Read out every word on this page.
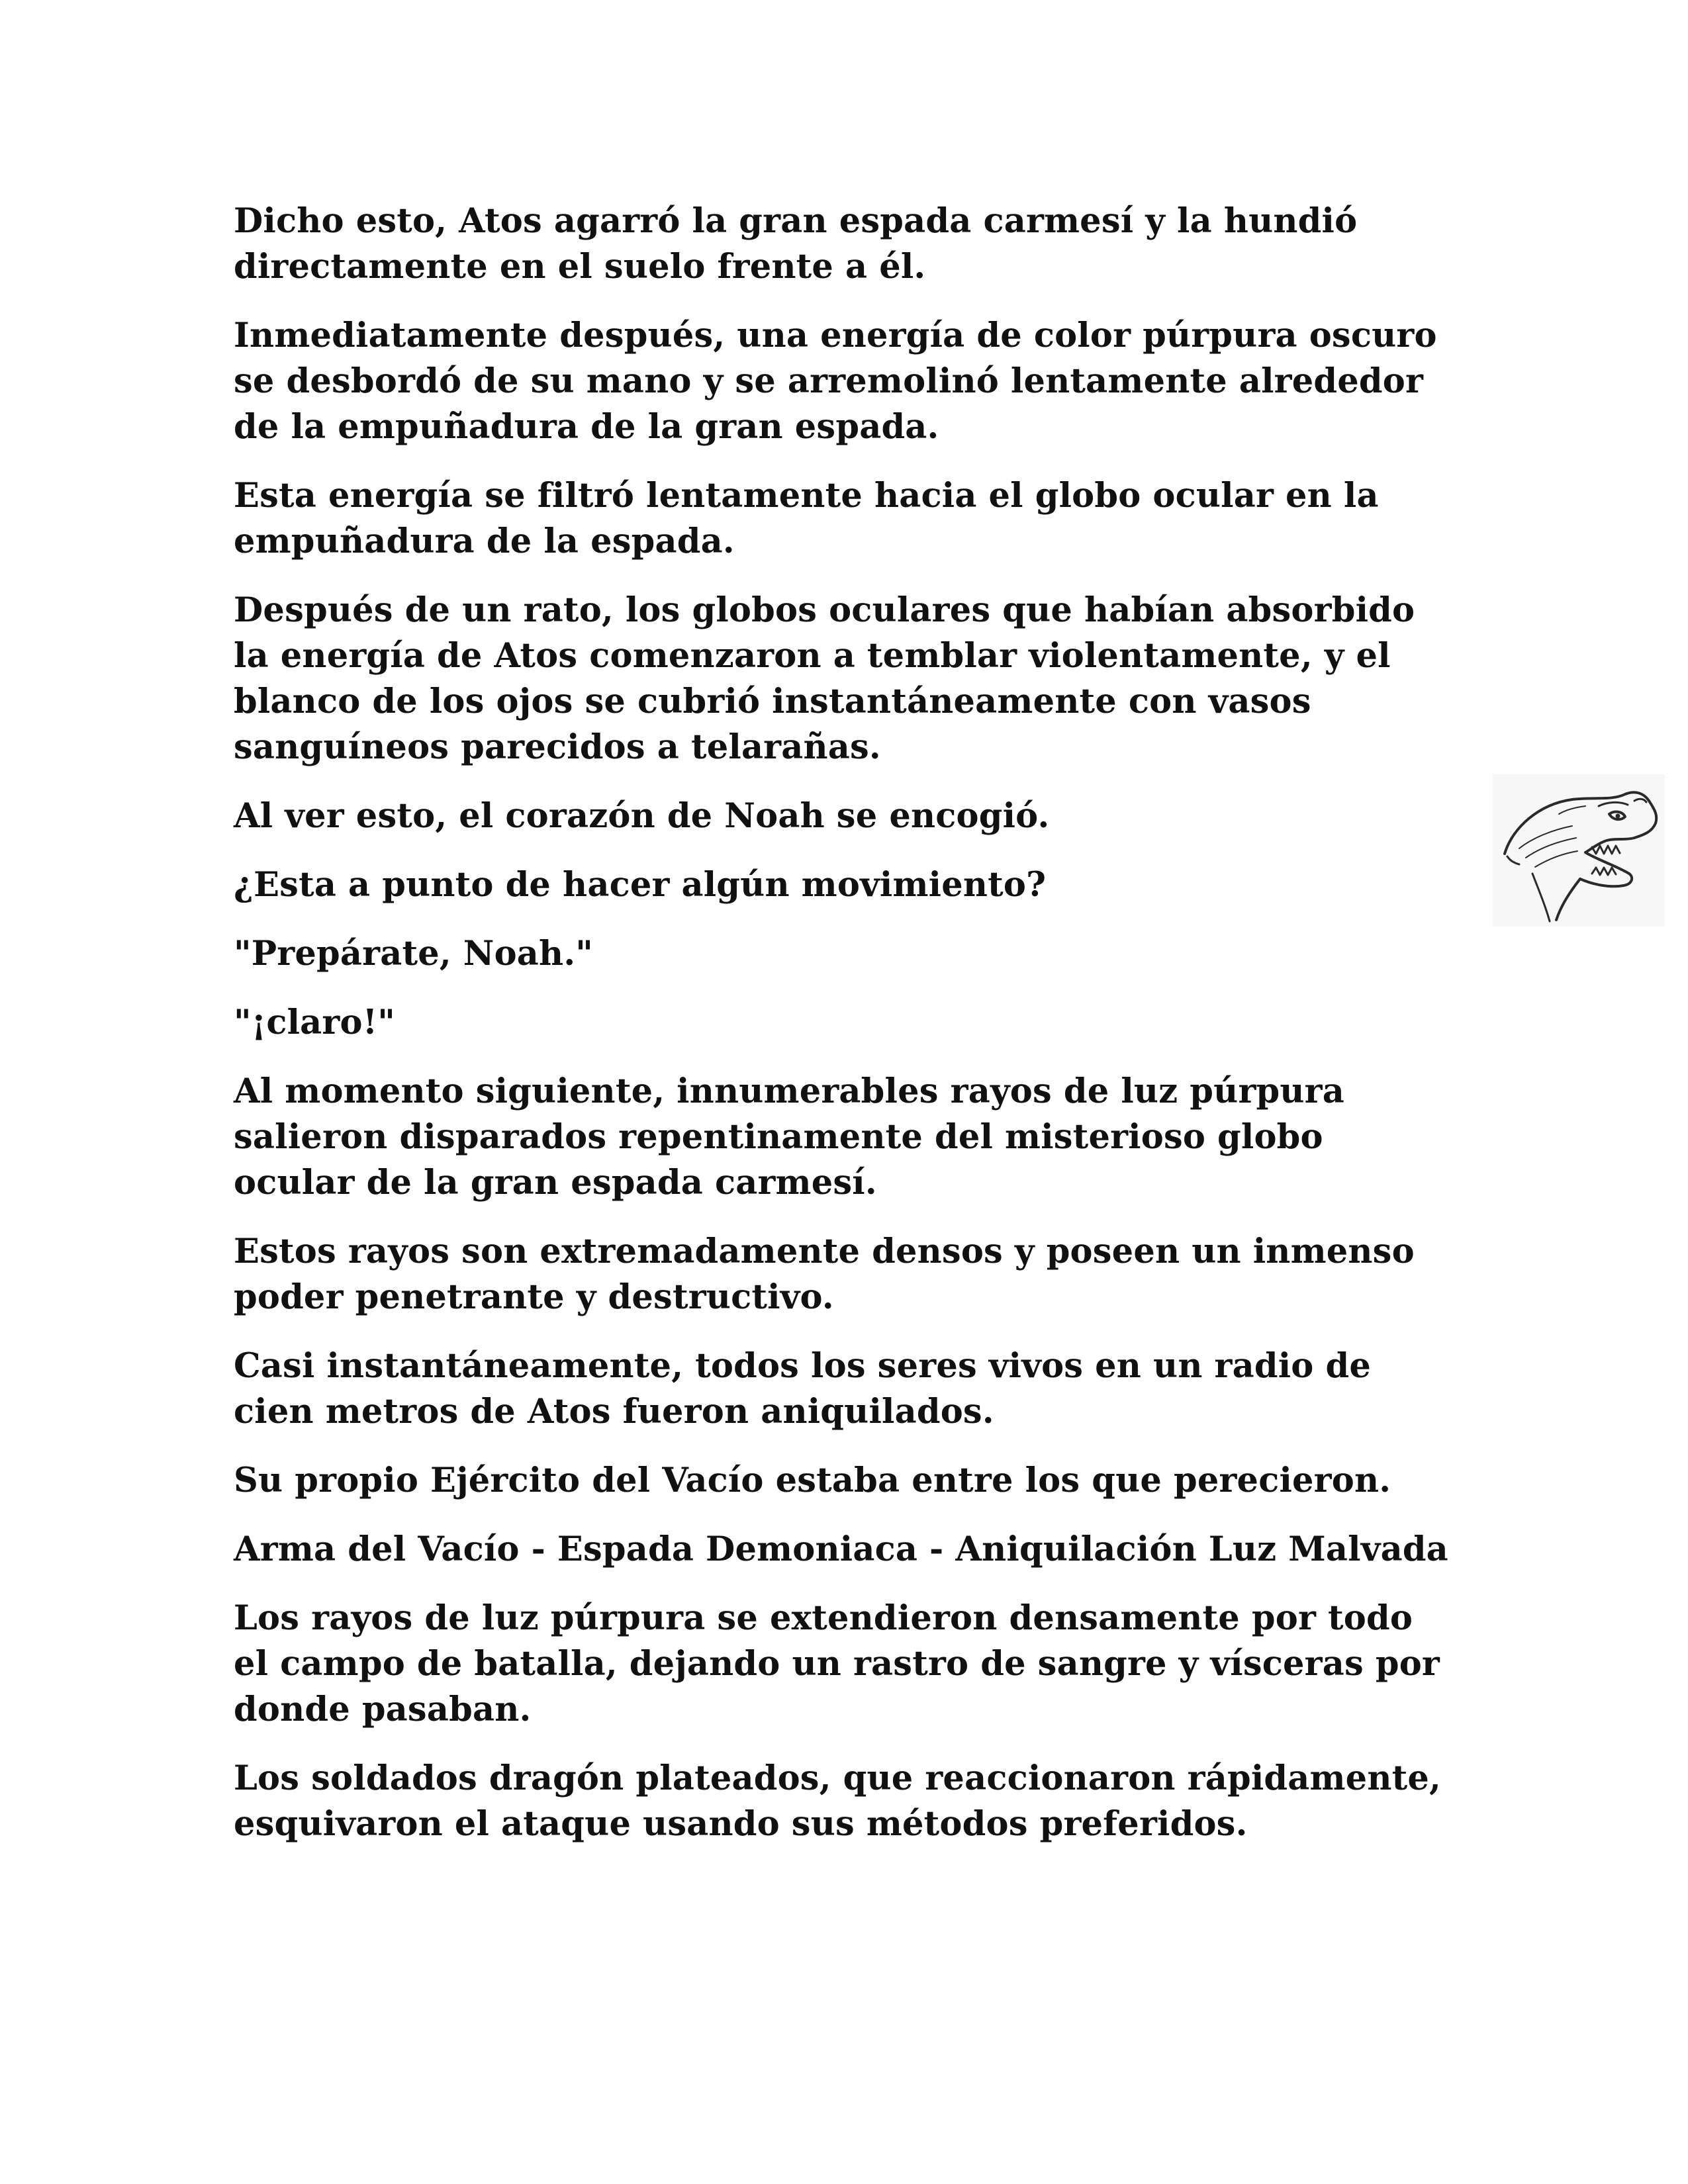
Dicho esto, Atos agarró la gran espada carmesí y la hundió directamente en el suelo frente a él.

Inmediatamente después, una energía de color púrpura oscuro se desbordó de su mano y se arremolinó lentamente alrededor de la empuñadura de la gran espada.

Esta energía se filtró lentamente hacia el globo ocular en la empuñadura de la espada.

Después de un rato, los globos oculares que habían absorbido la energía de Atos comenzaron a temblar violentamente, y el blanco de los ojos se cubrió instantáneamente con vasos sanguíneos parecidos a telarañas.

Al ver esto, el corazón de Noah se encogió.

¿Esta a punto de hacer algún movimiento?

"Prepárate, Noah."

"¡claro!"

Al momento siguiente, innumerables rayos de luz púrpura salieron disparados repentinamente del misterioso globo ocular de la gran espada carmesí.

Estos rayos son extremadamente densos y poseen un inmenso poder penetrante y destructivo.

Casi instantáneamente, todos los seres vivos en un radio de cien metros de Atos fueron aniquilados.

Su propio Ejército del Vacío estaba entre los que perecieron.

Arma del Vacío - Espada Demoniaca - Aniquilación Luz Malvada

Los rayos de luz púrpura se extendieron densamente por todo el campo de batalla, dejando un rastro de sangre y vísceras por donde pasaban.

Los soldados dragón plateados, que reaccionaron rápidamente, esquivaron el ataque usando sus métodos preferidos.
